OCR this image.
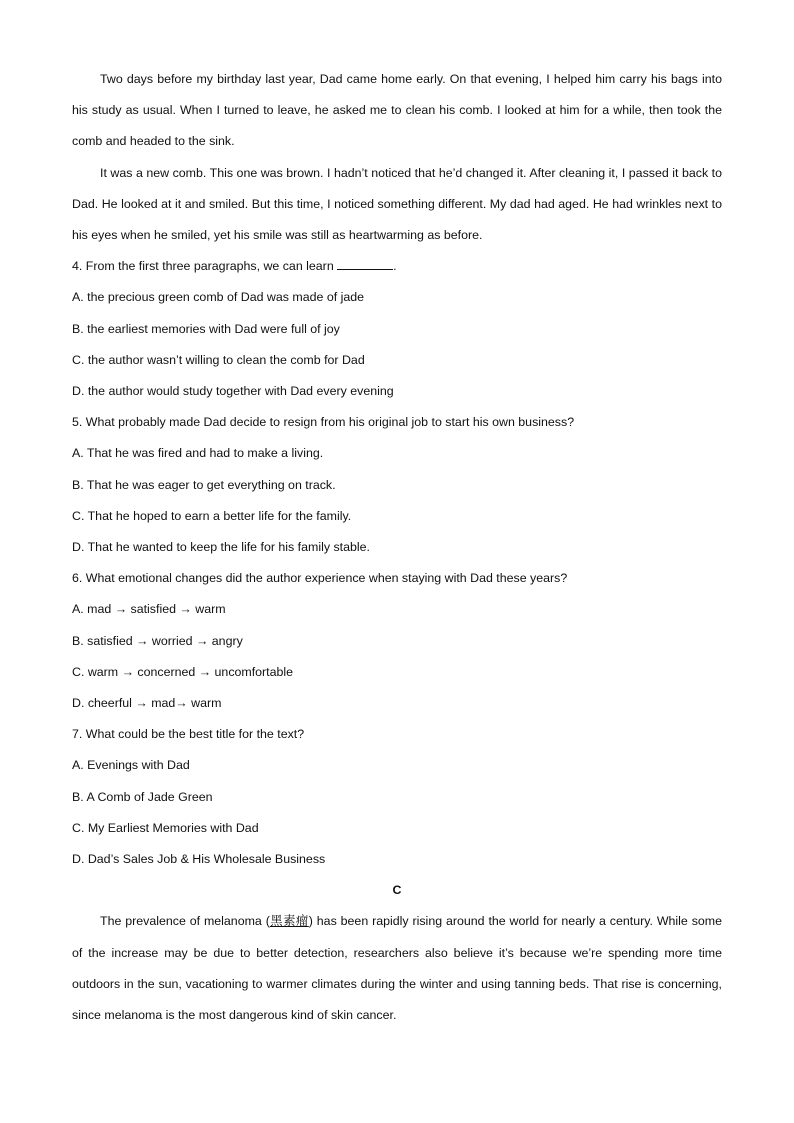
Two days before my birthday last year, Dad came home early. On that evening, I helped him carry his bags into his study as usual. When I turned to leave, he asked me to clean his comb. I looked at him for a while, then took the comb and headed to the sink.

It was a new comb. This one was brown. I hadn’t noticed that he’d changed it. After cleaning it, I passed it back to Dad. He looked at it and smiled. But this time, I noticed something different. My dad had aged. He had wrinkles next to his eyes when he smiled, yet his smile was still as heartwarming as before.

4. From the first three paragraphs, we can learn	.

A. the precious green comb of Dad was made of jade

B. the earliest memories with Dad were full of joy

C. the author wasn’t willing to clean the comb for Dad

D. the author would study together with Dad every evening

5. What probably made Dad decide to resign from his original job to start his own business?

A. That he was fired and had to make a living.

B. That he was eager to get everything on track.

C. That he hoped to earn a better life for the family.

D. That he wanted to keep the life for his family stable.

6. What emotional changes did the author experience when staying with Dad these years?

A. mad → satisfied → warm

B. satisfied → worried → angry

C. warm → concerned → uncomfortable

D. cheerful → mad→ warm

7. What could be the best title for the text?

A. Evenings with Dad

B. A Comb of Jade Green

C. My Earliest Memories with Dad

D. Dad’s Sales Job & His Wholesale Business

C

The prevalence of melanoma (黑素瘤) has been rapidly rising around the world for nearly a century. While some of the increase may be due to better detection, researchers also believe it’s because we’re spending more time outdoors in the sun, vacationing to warmer climates during the winter and using tanning beds. That rise is concerning, since melanoma is the most dangerous kind of skin cancer.
